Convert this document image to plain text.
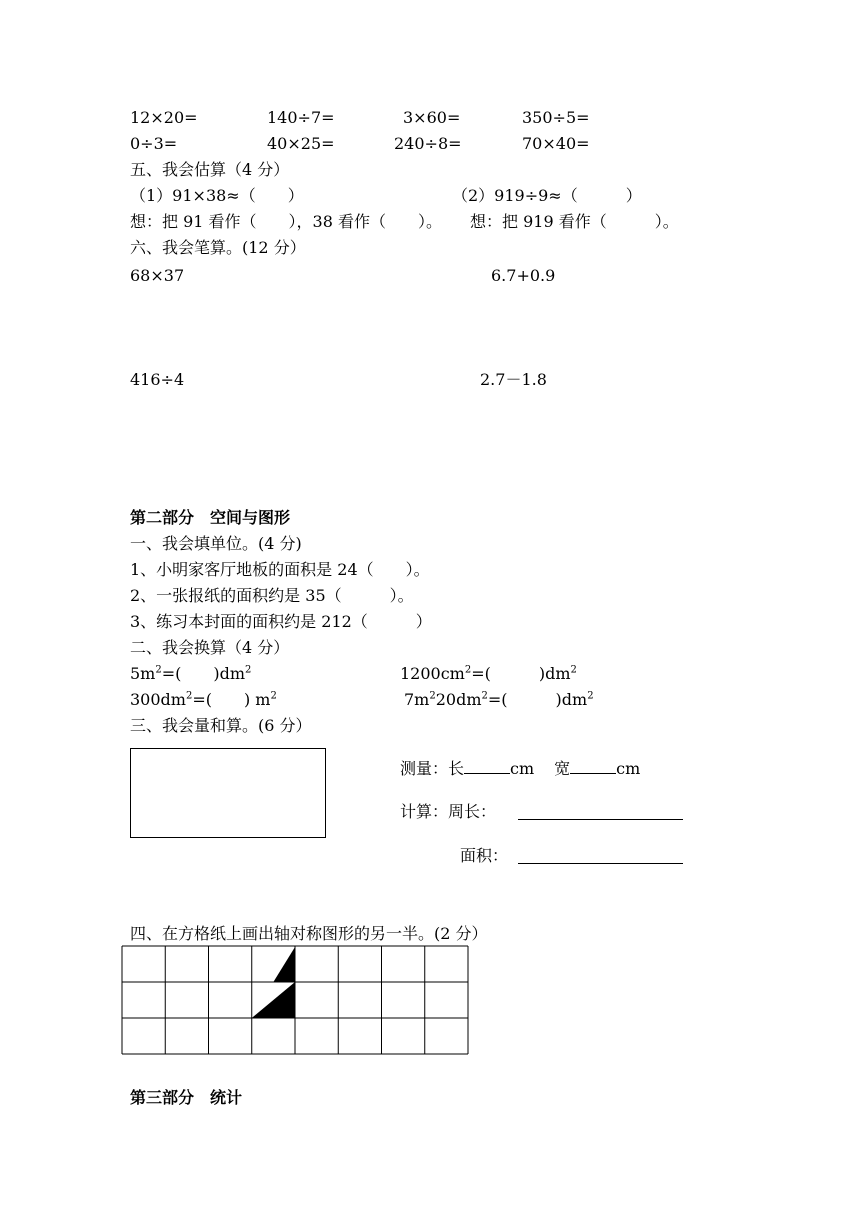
12×20=	140÷7=	3×60=	350÷5=
0÷3=	40×25=	240÷8=	70×40=
五、我会估算（4 分）
（1）91×38≈（　　）	（2）919÷9≈（　　　）
想：把 91 看作（　　），38 看作（　　）。 想：把 919 看作（　　　）。
六、我会笔算。(12 分）
68×37	6.7+0.9
416÷4	2.7－1.8
第二部分　空间与图形
一、我会填单位。(4 分)
1、小明家客厅地板的面积是 24（　　）。
2、一张报纸的面积约是 35（　　　）。
3、练习本封面的面积约是 212（　　　）
二、我会换算（4 分）
$5m^2=$(　　)$dm^2$	$1200cm^2=$(　　　)$dm^2$
$300dm^2=$(　　) $m^2$	$7m^220dm^2=$(　　　)$dm^2$
三、我会量和算。(6 分）
测量：长	cm 宽	cm
计算：周长：
面积：
四、在方格纸上画出轴对称图形的另一半。(2 分）
第三部分　统计
